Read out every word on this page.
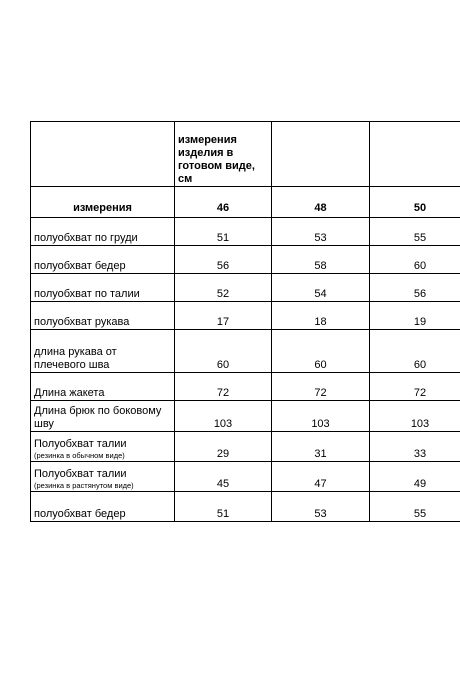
	измерения изделия в готовом виде, см		
измерения	46	48	50
полуобхват по груди	51	53	55
полуобхват бедер	56	58	60
полуобхват по талии	52	54	56
полуобхват рукава	17	18	19
длина рукава от плечевого шва	60	60	60
Длина жакета	72	72	72
Длина брюк по боковому шву	103	103	103
Полуобхват талии
(резинка в обычном виде)	29	31	33
Полуобхват талии
(резинка в растянутом виде)	45	47	49
полуобхват бедер	51	53	55
